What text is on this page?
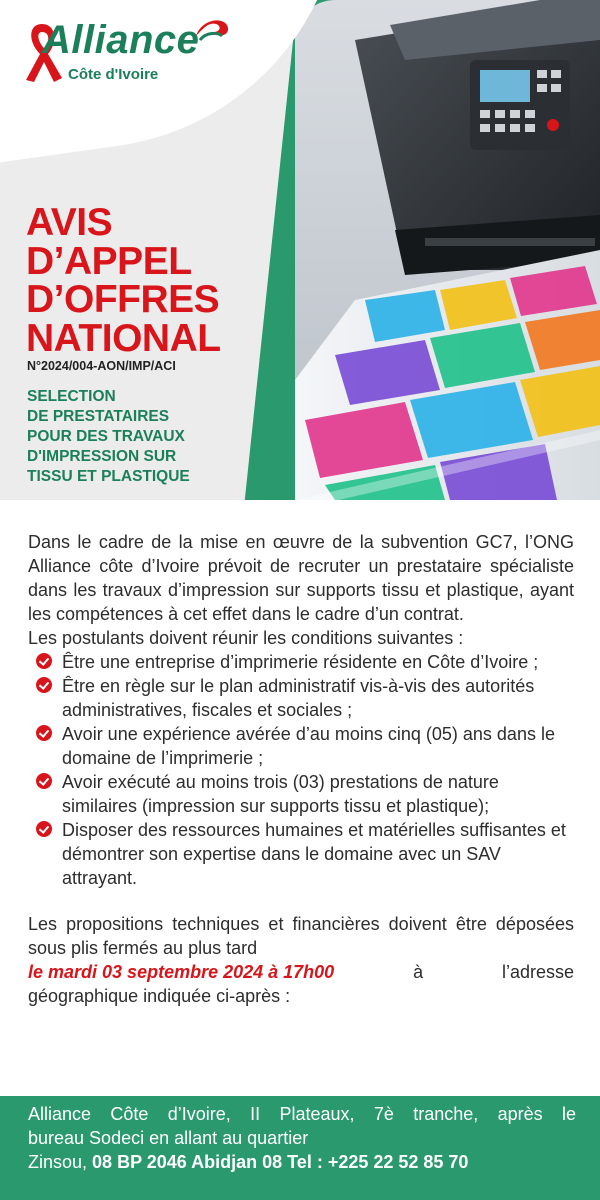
Alliance
Côte d'Ivoire
AVIS
D’APPEL
D’OFFRES
NATIONAL
N°2024/004-AON/IMP/ACI
SELECTION
DE PRESTATAIRES
POUR DES TRAVAUX
D'IMPRESSION SUR
TISSU ET PLASTIQUE

Dans le cadre de la mise en œuvre de la subvention GC7, l’ONG Alliance côte d’Ivoire prévoit de recruter un prestataire spécialiste dans les travaux d’impression sur supports tissu et plastique, ayant les compétences à cet effet dans le cadre d’un contrat.

Les postulants doivent réunir les conditions suivantes :

Être une entreprise d’imprimerie résidente en Côte d’Ivoire ;
Être en règle sur le plan administratif vis-à-vis des autorités administratives, fiscales et sociales ;
Avoir une expérience avérée d’au moins cinq (05) ans dans le domaine de l’imprimerie ;
Avoir exécuté au moins trois (03) prestations de nature similaires (impression sur supports tissu et plastique);
Disposer des ressources humaines et matérielles suffisantes et démontrer son expertise dans le domaine avec un SAV attrayant.

Les propositions techniques et financières doivent être déposées sous plis fermés au plus tard

le mardi 03 septembre 2024 à 17h00	à	l’adresse

géographique indiquée ci-après :

Alliance Côte d’Ivoire, II Plateaux, 7è tranche, après le
bureau Sodeci en allant au quartier
Zinsou, 08 BP 2046 Abidjan 08 Tel : +225 22 52 85 70
